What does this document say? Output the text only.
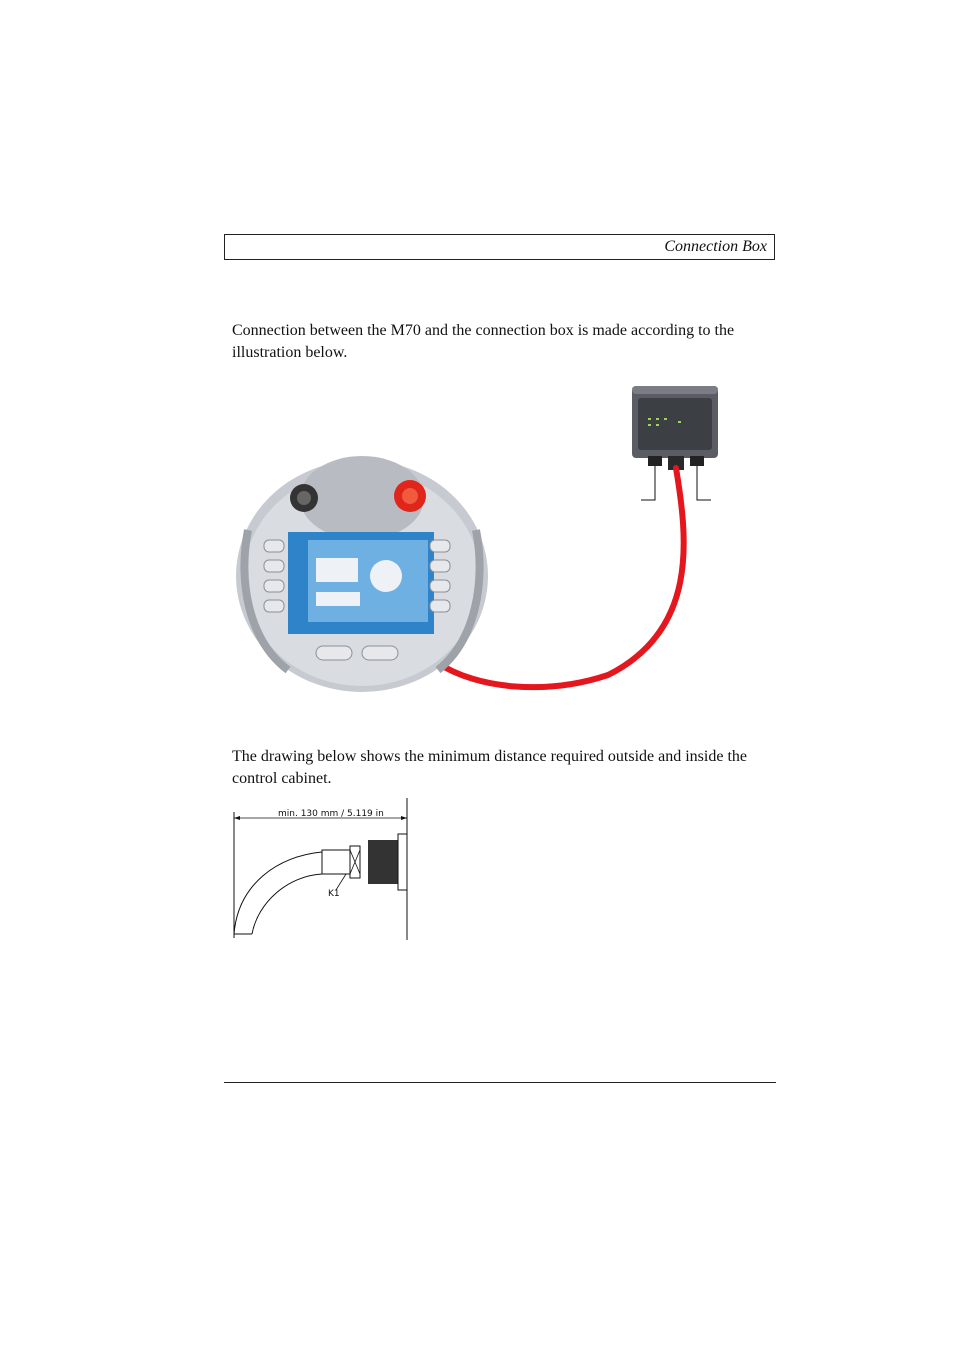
Connection Box

Connection between the M70 and the connection box is made according to the illustration below.

The drawing below shows the minimum distance required outside and inside the control cabinet.

min. 130 mm / 5.119 in
K1
